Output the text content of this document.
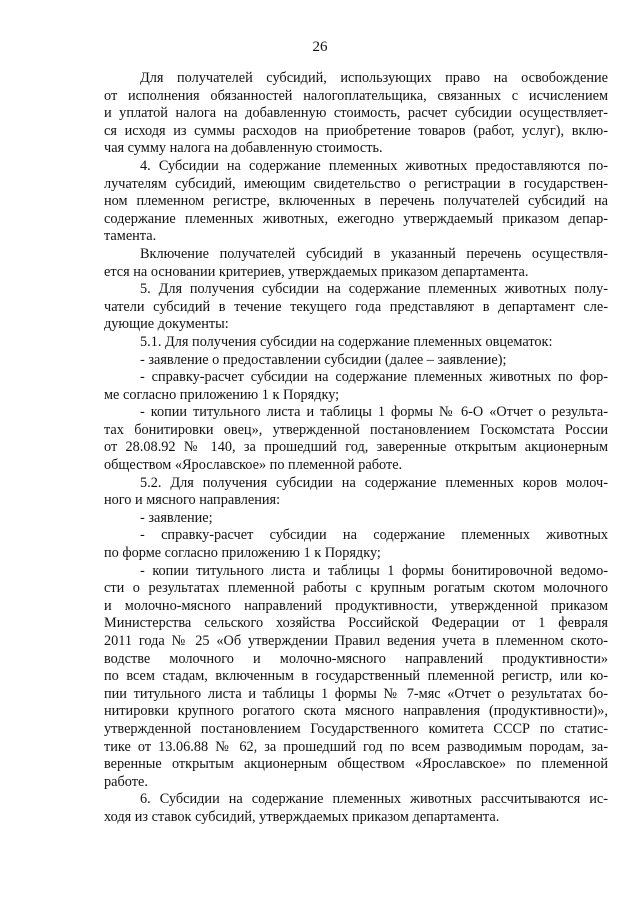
26
Для получателей субсидий, использующих право на освобождение
от исполнения обязанностей налогоплательщика, связанных с исчислением
и уплатой налога на добавленную стоимость, расчет субсидии осуществляет-
ся исходя из суммы расходов на приобретение товаров (работ, услуг), вклю-
чая сумму налога на добавленную стоимость.
4. Субсидии на содержание племенных животных предоставляются по-
лучателям субсидий, имеющим свидетельство о регистрации в государствен-
ном племенном регистре, включенных в перечень получателей субсидий на
содержание племенных животных, ежегодно утверждаемый приказом депар-
тамента.
Включение получателей субсидий в указанный перечень осуществля-
ется на основании критериев, утверждаемых приказом департамента.
5. Для получения субсидии на содержание племенных животных полу-
чатели субсидий в течение текущего года представляют в департамент сле-
дующие документы:
5.1. Для получения субсидии на содержание племенных овцематок:
- заявление о предоставлении субсидии (далее – заявление);
- справку-расчет субсидии на содержание племенных животных по фор-
ме согласно приложению 1 к Порядку;
- копии титульного листа и таблицы 1 формы № 6-О «Отчет о результа-
тах бонитировки овец», утвержденной постановлением Госкомстата России
от 28.08.92 № 140, за прошедший год, заверенные открытым акционерным
обществом «Ярославское» по племенной работе.
5.2. Для получения субсидии на содержание племенных коров молоч-
ного и мясного направления:
- заявление;
- справку-расчет субсидии на содержание племенных животных
по форме согласно приложению 1 к Порядку;
- копии титульного листа и таблицы 1 формы бонитировочной ведомо-
сти о результатах племенной работы с крупным рогатым скотом молочного
и молочно-мясного направлений продуктивности, утвержденной приказом
Министерства сельского хозяйства Российской Федерации от 1 февраля
2011 года № 25 «Об утверждении Правил ведения учета в племенном ското-
водстве молочного и молочно-мясного направлений продуктивности»
по всем стадам, включенным в государственный племенной регистр, или ко-
пии титульного листа и таблицы 1 формы № 7-мяс «Отчет о результатах бо-
нитировки крупного рогатого скота мясного направления (продуктивности)»,
утвержденной постановлением Государственного комитета СССР по статис-
тике от 13.06.88 № 62, за прошедший год по всем разводимым породам, за-
веренные открытым акционерным обществом «Ярославское» по племенной
работе.
6. Субсидии на содержание племенных животных рассчитываются ис-
ходя из ставок субсидий, утверждаемых приказом департамента.
